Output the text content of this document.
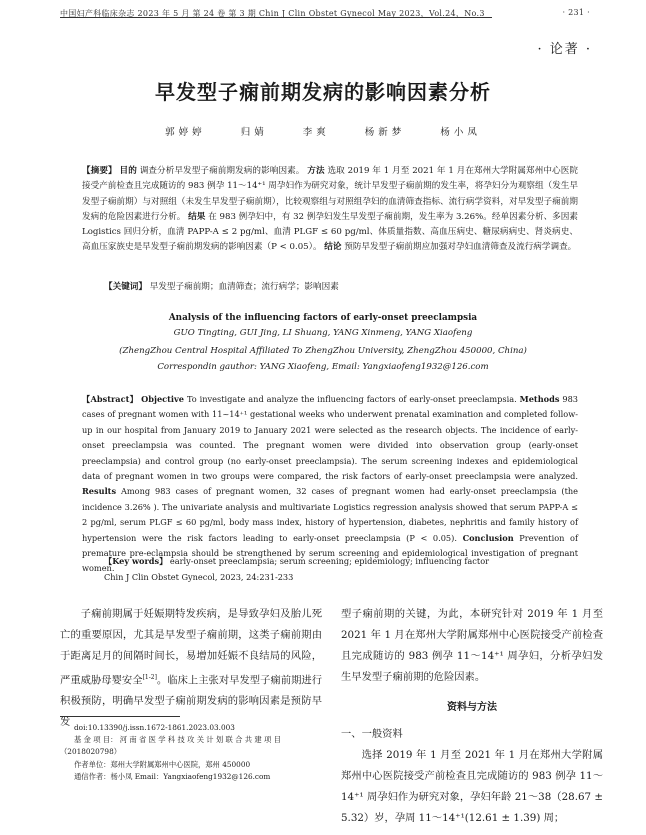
中国妇产科临床杂志 2023 年 5 月 第 24 卷 第 3 期 Chin J Clin Obstet Gynecol May 2023，Vol.24，No.3	· 231 ·
· 论著 ·
早发型子痫前期发病的影响因素分析
郭婷婷	归婧	李爽	杨新梦	杨小凤
【摘要】 目的 调查分析早发型子痫前期发病的影响因素。 方法 选取 2019 年 1 月至 2021 年 1 月在郑州大学附属郑州中心医院接受产前检查且完成随访的 983 例孕 11～14⁺¹ 周孕妇作为研究对象，统计早发型子痫前期的发生率，将孕妇分为观察组（发生早发型子痫前期）与对照组（未发生早发型子痫前期），比较观察组与对照组孕妇的血清筛查指标、流行病学资料，对早发型子痫前期发病的危险因素进行分析。 结果 在 983 例孕妇中，有 32 例孕妇发生早发型子痫前期，发生率为 3.26%。经单因素分析、多因素 Logistics 回归分析，血清 PAPP-A ≤ 2 pg/ml、血清 PLGF ≤ 60 pg/ml、体质量指数、高血压病史、糖尿病病史、肾炎病史、高血压家族史是早发型子痫前期发病的影响因素（P < 0.05）。 结论 预防早发型子痫前期应加强对孕妇血清筛查及流行病学调查。
【关键词】 早发型子痫前期；血清筛查；流行病学；影响因素
Analysis of the influencing factors of early-onset preeclampsia
GUO Tingting, GUI Jing, LI Shuang, YANG Xinmeng, YANG Xiaofeng
(ZhengZhou Central Hospital Affiliated To ZhengZhou University, ZhengZhou 450000, China)
Correspondin gauthor: YANG Xiaofeng, Email: Yangxiaofeng1932@126.com
【Abstract】 Objective To investigate and analyze the influencing factors of early-onset preeclampsia. Methods 983 cases of pregnant women with 11~14⁺¹ gestational weeks who underwent prenatal examination and completed follow-up in our hospital from January 2019 to January 2021 were selected as the research objects. The incidence of early-onset preeclampsia was counted. The pregnant women were divided into observation group (early-onset preeclampsia) and control group (no early-onset preeclampsia). The serum screening indexes and epidemiological data of pregnant women in two groups were compared, the risk factors of early-onset preeclampsia were analyzed. Results Among 983 cases of pregnant women, 32 cases of pregnant women had early-onset preeclampsia (the incidence 3.26% ). The univariate analysis and multivariate Logistics regression analysis showed that serum PAPP-A ≤ 2 pg/ml, serum PLGF ≤ 60 pg/ml, body mass index, history of hypertension, diabetes, nephritis and family history of hypertension were the risk factors leading to early-onset preeclampsia (P < 0.05). Conclusion Prevention of premature pre-eclampsia should be strengthened by serum screening and epidemiological investigation of pregnant women.
【Key words】 early-onset preeclampsia; serum screening; epidemiology; influencing factor
Chin J Clin Obstet Gynecol, 2023, 24:231-233

子痫前期属于妊娠期特发疾病，是导致孕妇及胎儿死亡的重要原因，尤其是早发型子痫前期，这类子痫前期由于距离足月的间隔时间长，易增加妊娠不良结局的风险，严重威胁母婴安全[1-2]。临床上主张对早发型子痫前期进行积极预防，明确早发型子痫前期发病的影响因素是预防早发 doi:10.13390/j.issn.1672-1861.2023.03.003
基 金 项 目： 河 南 省 医 学 科 技 攻 关 计 划 联 合 共 建 项 目
（2018020798）
作者单位：郑州大学附属郑州中心医院，郑州 450000
通信作者：杨小凤 Email：Yangxiaofeng1932@126.com

型子痫前期的关键，为此，本研究针对 2019 年 1 月至 2021 年 1 月在郑州大学附属郑州中心医院接受产前检查且完成随访的 983 例孕 11～14⁺¹ 周孕妇，分析孕妇发生早发型子痫前期的危险因素。

资料与方法

一、一般资料

选择 2019 年 1 月至 2021 年 1 月在郑州大学附属郑州中心医院接受产前检查且完成随访的 983 例孕 11～14⁺¹ 周孕妇作为研究对象，孕妇年龄 21～38（28.67 ± 5.32）岁，孕周 11～14⁺¹(12.61 ± 1.39) 周；
